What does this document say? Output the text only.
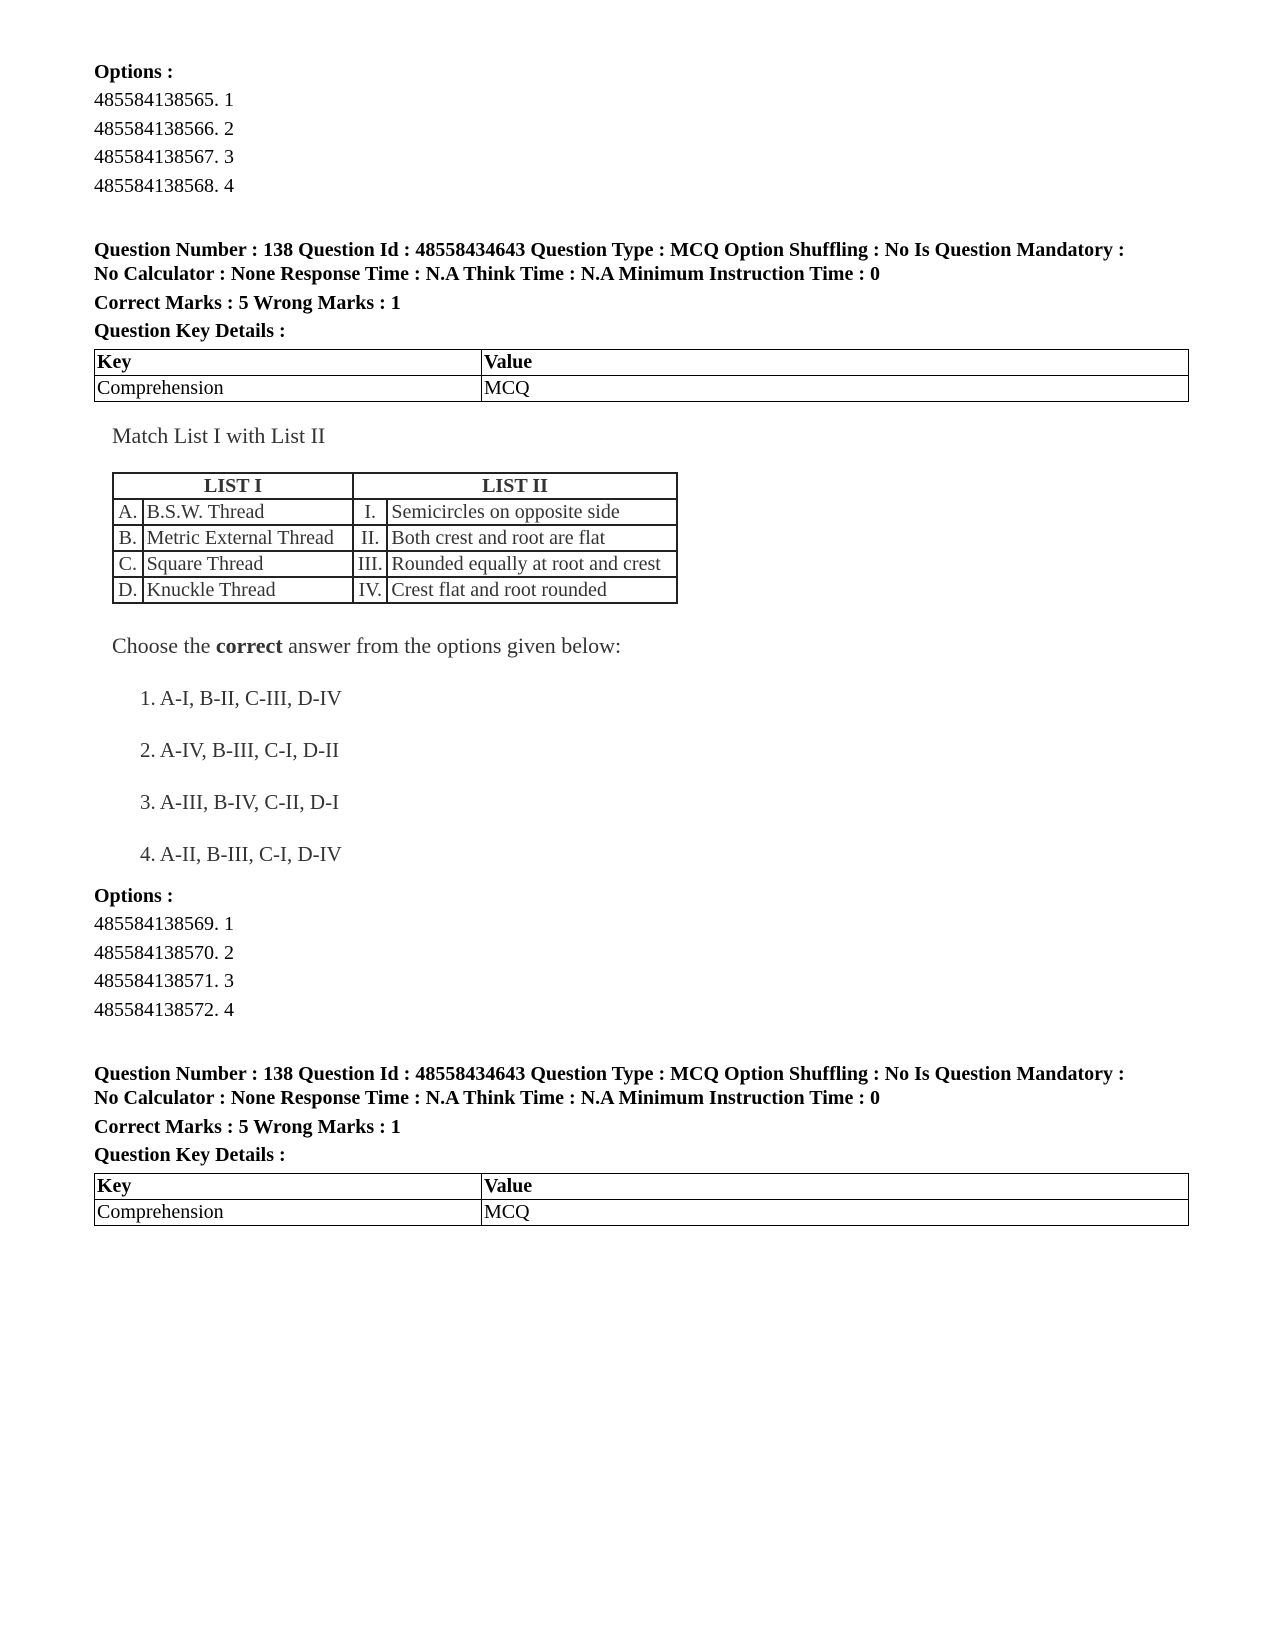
Options :
485584138565. 1
485584138566. 2
485584138567. 3
485584138568. 4
Question Number : 138 Question Id : 48558434643 Question Type : MCQ Option Shuffling : No Is Question Mandatory :
No Calculator : None Response Time : N.A Think Time : N.A Minimum Instruction Time : 0
Correct Marks : 5 Wrong Marks : 1
Question Key Details :
Key	Value
Comprehension	MCQ
Match List I with List II
LIST I		LIST II	
A.	B.S.W. Thread	I.	Semicircles on opposite side
B.	Metric External Thread	II.	Both crest and root are flat
C.	Square Thread	III.	Rounded equally at root and crest
D.	Knuckle Thread	IV.	Crest flat and root rounded
Choose the correct answer from the options given below:
1. A-I, B-II, C-III, D-IV
2. A-IV, B-III, C-I, D-II
3. A-III, B-IV, C-II, D-I
4. A-II, B-III, C-I, D-IV
Options :
485584138569. 1
485584138570. 2
485584138571. 3
485584138572. 4
Question Number : 138 Question Id : 48558434643 Question Type : MCQ Option Shuffling : No Is Question Mandatory :
No Calculator : None Response Time : N.A Think Time : N.A Minimum Instruction Time : 0
Correct Marks : 5 Wrong Marks : 1
Question Key Details :
Key	Value
Comprehension	MCQ
